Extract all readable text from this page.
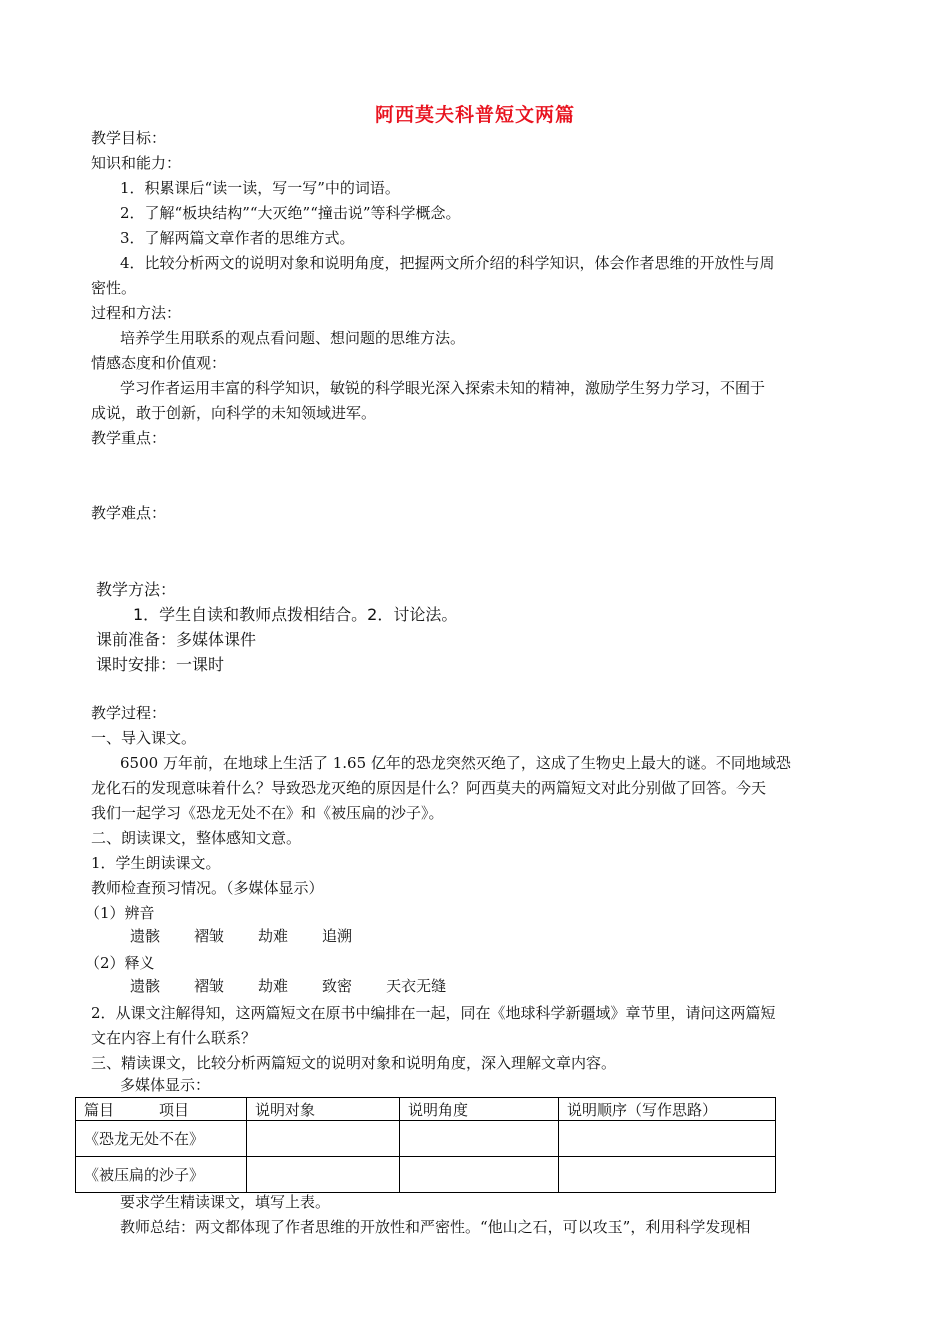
阿西莫夫科普短文两篇
教学目标：
知识和能力：
1．积累课后“读一读，写一写”中的词语。
2．了解“板块结构”“大灭绝”“撞击说”等科学概念。
3．了解两篇文章作者的思维方式。
4．比较分析两文的说明对象和说明角度，把握两文所介绍的科学知识，体会作者思维的开放性与周
密性。
过程和方法：
培养学生用联系的观点看问题、想问题的思维方法。
情感态度和价值观：
学习作者运用丰富的科学知识，敏锐的科学眼光深入探索未知的精神，激励学生努力学习，不囿于
成说，敢于创新，向科学的未知领域进军。
教学重点：
教学难点：
教学方法：
1．学生自读和教师点拨相结合。2．讨论法。
课前准备：多媒体课件
课时安排：一课时
教学过程：
一、导入课文。
6500 万年前，在地球上生活了 1.65 亿年的恐龙突然灭绝了，这成了生物史上最大的谜。不同地域恐
龙化石的发现意味着什么？导致恐龙灭绝的原因是什么？阿西莫夫的两篇短文对此分别做了回答。今天
我们一起学习《恐龙无处不在》和《被压扁的沙子》。
二、朗读课文，整体感知文意。
1．学生朗读课文。
教师检查预习情况。（多媒体显示）
（1）辨音
遗骸 褶皱 劫难 追溯
（2）释义
遗骸 褶皱 劫难 致密 天衣无缝
2．从课文注解得知，这两篇短文在原书中编排在一起，同在《地球科学新疆域》章节里，请问这两篇短
文在内容上有什么联系？
三、精读课文，比较分析两篇短文的说明对象和说明角度，深入理解文章内容。
多媒体显示：
篇目　　　项目	说明对象	说明角度	说明顺序（写作思路）
《恐龙无处不在》			
《被压扁的沙子》			
要求学生精读课文，填写上表。
教师总结：两文都体现了作者思维的开放性和严密性。“他山之石，可以攻玉”，利用科学发现相
